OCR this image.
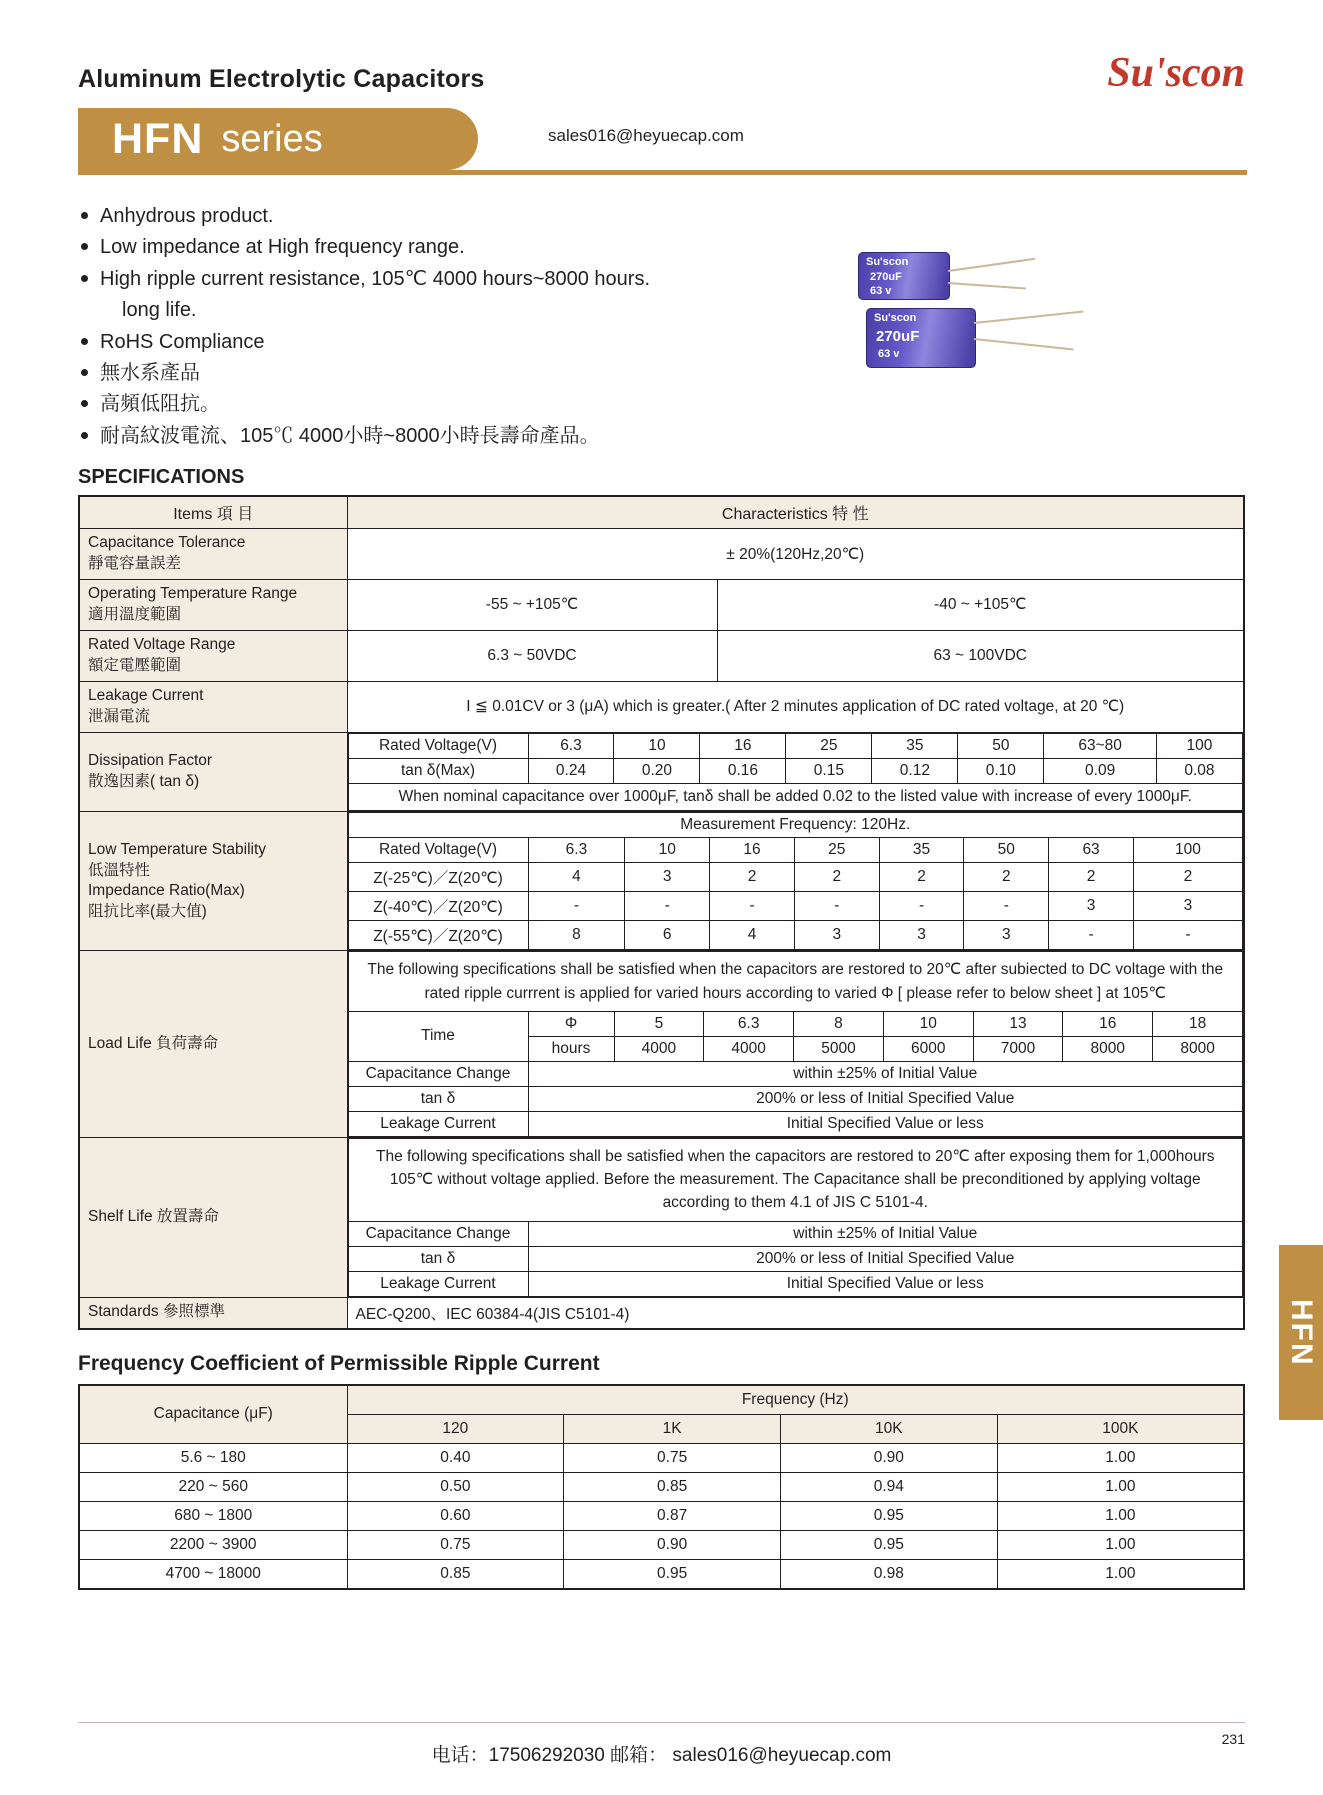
Aluminum Electrolytic Capacitors	Su'scon
HFN series	sales016@heyuecap.com
Anhydrous product.
Low impedance at High frequency range.
High ripple current resistance, 105℃ 4000 hours~8000 hours.
long life.
RoHS Compliance
無水系產品
高頻低阻抗。
耐高紋波電流、105℃ 4000小時~8000小時長壽命產品。
Su'scon
270uF
63 v
Su'scon
270uF
63 v
SPECIFICATIONS
Items 項 目	Characteristics 特 性

Capacitance Tolerance
靜電容量誤差
	± 20%(120Hz,20℃)

Operating Temperature Range
適用溫度範圍
	-55 ~ +105℃	-40 ~ +105℃

Rated Voltage Range
額定電壓範圍
	6.3 ~ 50VDC	63 ~ 100VDC

Leakage Current
泄漏電流
	I ≦ 0.01CV or 3 (μA) which is greater.( After 2 minutes application of DC rated voltage, at 20 ℃)

Dissipation Factor
散逸因素( tan δ)

Rated Voltage(V)	6.3	10	16	25	35	50	63~80	100
tan δ(Max)	0.24	0.20	0.16	0.15	0.12	0.10	0.09	0.08
When nominal capacitance over 1000μF, tanδ shall be added 0.02 to the listed value with increase of every 1000μF.

Low Temperature Stability
低溫特性
Impedance Ratio(Max)
阻抗比率(最大值)

Measurement Frequency: 120Hz.
Rated Voltage(V)	6.3	10	16	25	35	50	63	100
Z(-25℃)／Z(20℃)	4	3	2	2	2	2	2	2
Z(-40℃)／Z(20℃)	-	-	-	-	-	-	3	3
Z(-55℃)／Z(20℃)	8	6	4	3	3	3	-	-

Load Life 負荷壽命	
The following specifications shall be satisfied when the capacitors are restored to 20℃ after subiected to DC voltage with the rated ripple currrent is applied for varied hours according to varied Φ [ please refer to below sheet ] at 105℃
Time	Φ	5	6.3	8	10	13	16	18
hours	4000	4000	5000	6000	7000	8000	8000
Capacitance Change	within ±25% of Initial Value
tan δ	200% or less of Initial Specified Value
Leakage Current	Initial Specified Value or less

Shelf Life 放置壽命	
The following specifications shall be satisfied when the capacitors are restored to 20℃ after exposing them for 1,000hours 105℃ without voltage applied. Before the measurement. The Capacitance shall be preconditioned by applying voltage according to them 4.1 of JIS C 5101-4.
Capacitance Change	within ±25% of Initial Value
tan δ	200% or less of Initial Specified Value
Leakage Current	Initial Specified Value or less

Standards 參照標準	AEC-Q200、IEC 60384-4(JIS C5101-4)
Frequency Coefficient of Permissible Ripple Current
Capacitance (μF)	Frequency (Hz)			
	120	1K	10K	100K
5.6 ~ 180	0.40	0.75	0.90	1.00
220 ~ 560	0.50	0.85	0.94	1.00
680 ~ 1800	0.60	0.87	0.95	1.00
2200 ~ 3900	0.75	0.90	0.95	1.00
4700 ~ 18000	0.85	0.95	0.98	1.00
HFN
电话：17506292030 邮箱： sales016@heyuecap.com
231
